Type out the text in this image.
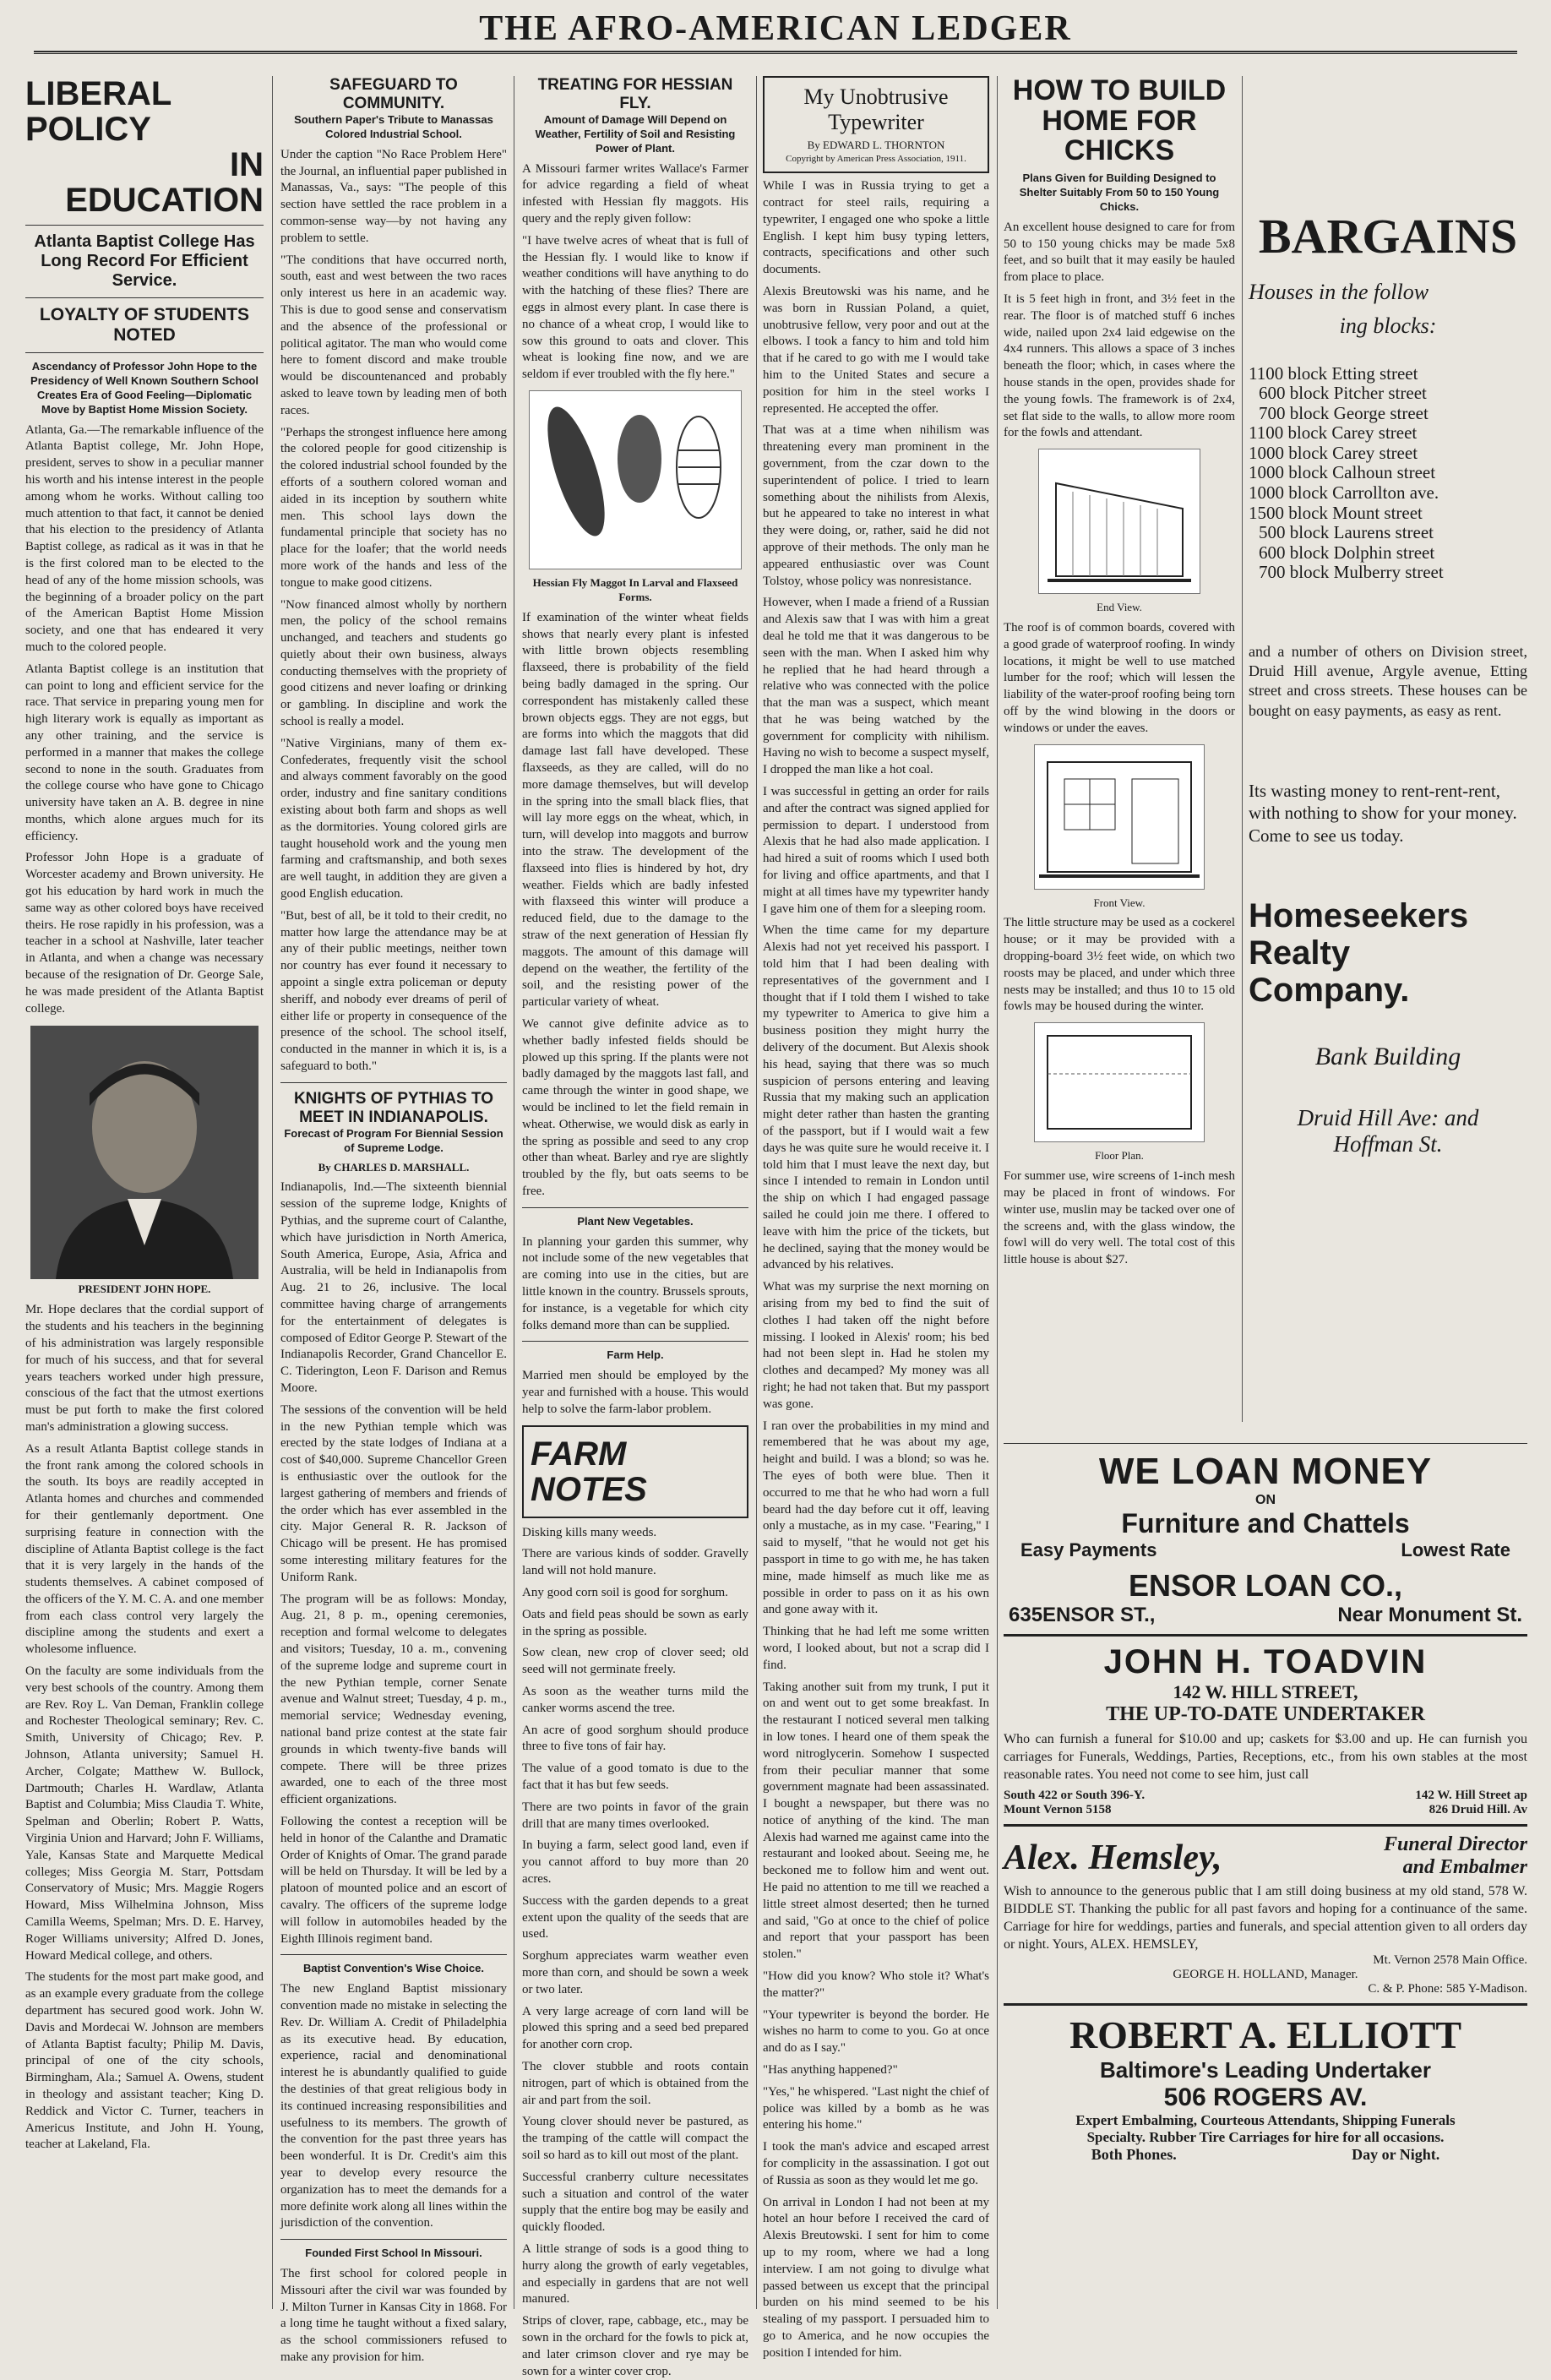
THE AFRO-AMERICAN LEDGER
LIBERAL POLICY
IN EDUCATION
Atlanta Baptist College Has Long Record For Efficient Service.
LOYALTY OF STUDENTS NOTED
Ascendancy of Professor John Hope to the Presidency of Well Known Southern School Creates Era of Good Feeling—Diplomatic Move by Baptist Home Mission Society.
Atlanta, Ga.—The remarkable influence of the Atlanta Baptist college, Mr. John Hope, president, serves to show in a peculiar manner his worth and his intense interest in the people among whom he works. Without calling too much attention to that fact, it cannot be denied that his election to the presidency of Atlanta Baptist college, as radical as it was in that he is the first colored man to be elected to the head of any of the home mission schools, was the beginning of a broader policy on the part of the American Baptist Home Mission society, and one that has endeared it very much to the colored people.
Atlanta Baptist college is an institution that can point to long and efficient service for the race. That service in preparing young men for high literary work is equally as important as any other training, and the service is performed in a manner that makes the college second to none in the south. Graduates from the college course who have gone to Chicago university have taken an A. B. degree in nine months, which alone argues much for its efficiency.
Professor John Hope is a graduate of Worcester academy and Brown university. He got his education by hard work in much the same way as other colored boys have received theirs. He rose rapidly in his profession, was a teacher in a school at Nashville, later teacher in Atlanta, and when a change was necessary because of the resignation of Dr. George Sale, he was made president of the Atlanta Baptist college.
PRESIDENT JOHN HOPE.
Mr. Hope declares that the cordial support of the students and his teachers in the beginning of his administration was largely responsible for much of his success, and that for several years teachers worked under high pressure, conscious of the fact that the utmost exertions must be put forth to make the first colored man's administration a glowing success.
As a result Atlanta Baptist college stands in the front rank among the colored schools in the south. Its boys are readily accepted in Atlanta homes and churches and commended for their gentlemanly deportment. One surprising feature in connection with the discipline of Atlanta Baptist college is the fact that it is very largely in the hands of the students themselves. A cabinet composed of the officers of the Y. M. C. A. and one member from each class control very largely the discipline among the students and exert a wholesome influence.
On the faculty are some individuals from the very best schools of the country. Among them are Rev. Roy L. Van Deman, Franklin college and Rochester Theological seminary; Rev. C. Smith, University of Chicago; Rev. P. Johnson, Atlanta university; Samuel H. Archer, Colgate; Matthew W. Bullock, Dartmouth; Charles H. Wardlaw, Atlanta Baptist and Columbia; Miss Claudia T. White, Spelman and Oberlin; Robert P. Watts, Virginia Union and Harvard; John F. Williams, Yale, Kansas State and Marquette Medical colleges; Miss Georgia M. Starr, Pottsdam Conservatory of Music; Mrs. Maggie Rogers Howard, Miss Wilhelmina Johnson, Miss Camilla Weems, Spelman; Mrs. D. E. Harvey, Roger Williams university; Alfred D. Jones, Howard Medical college, and others.
The students for the most part make good, and as an example every graduate from the college department has secured good work. John W. Davis and Mordecai W. Johnson are members of Atlanta Baptist faculty; Philip M. Davis, principal of one of the city schools, Birmingham, Ala.; Samuel A. Owens, student in theology and assistant teacher; King D. Reddick and Victor C. Turner, teachers in Americus Institute, and John H. Young, teacher at Lakeland, Fla.
SAFEGUARD TO COMMUNITY.
Southern Paper's Tribute to Manassas Colored Industrial School.
Under the caption "No Race Problem Here" the Journal, an influential paper published in Manassas, Va., says: "The people of this section have settled the race problem in a common-sense way—by not having any problem to settle.
"The conditions that have occurred north, south, east and west between the two races only interest us here in an academic way. This is due to good sense and conservatism and the absence of the professional or political agitator. The man who would come here to foment discord and make trouble would be discountenanced and probably asked to leave town by leading men of both races.
"Perhaps the strongest influence here among the colored people for good citizenship is the colored industrial school founded by the efforts of a southern colored woman and aided in its inception by southern white men. This school lays down the fundamental principle that society has no place for the loafer; that the world needs more work of the hands and less of the tongue to make good citizens.
"Now financed almost wholly by northern men, the policy of the school remains unchanged, and teachers and students go quietly about their own business, always conducting themselves with the propriety of good citizens and never loafing or drinking or gambling. In discipline and work the school is really a model.
"Native Virginians, many of them ex-Confederates, frequently visit the school and always comment favorably on the good order, industry and fine sanitary conditions existing about both farm and shops as well as the dormitories. Young colored girls are taught household work and the young men farming and craftsmanship, and both sexes are well taught, in addition they are given a good English education.
"But, best of all, be it told to their credit, no matter how large the attendance may be at any of their public meetings, neither town nor country has ever found it necessary to appoint a single extra policeman or deputy sheriff, and nobody ever dreams of peril of either life or property in consequence of the presence of the school. The school itself, conducted in the manner in which it is, is a safeguard to both."
KNIGHTS OF PYTHIAS TO MEET IN INDIANAPOLIS.
Forecast of Program For Biennial Session of Supreme Lodge.
By CHARLES D. MARSHALL.
Indianapolis, Ind.—The sixteenth biennial session of the supreme lodge, Knights of Pythias, and the supreme court of Calanthe, which have jurisdiction in North America, South America, Europe, Asia, Africa and Australia, will be held in Indianapolis from Aug. 21 to 26, inclusive. The local committee having charge of arrangements for the entertainment of delegates is composed of Editor George P. Stewart of the Indianapolis Recorder, Grand Chancellor E. C. Tiderington, Leon F. Darison and Remus Moore.
The sessions of the convention will be held in the new Pythian temple which was erected by the state lodges of Indiana at a cost of $40,000. Supreme Chancellor Green is enthusiastic over the outlook for the largest gathering of members and friends of the order which has ever assembled in the city. Major General R. R. Jackson of Chicago will be present. He has promised some interesting military features for the Uniform Rank.
The program will be as follows: Monday, Aug. 21, 8 p. m., opening ceremonies, reception and formal welcome to delegates and visitors; Tuesday, 10 a. m., convening of the supreme lodge and supreme court in the new Pythian temple, corner Senate avenue and Walnut street; Tuesday, 4 p. m., memorial service; Wednesday evening, national band prize contest at the state fair grounds in which twenty-five bands will compete. There will be three prizes awarded, one to each of the three most efficient organizations.
Following the contest a reception will be held in honor of the Calanthe and Dramatic Order of Knights of Omar. The grand parade will be held on Thursday. It will be led by a platoon of mounted police and an escort of cavalry. The officers of the supreme lodge will follow in automobiles headed by the Eighth Illinois regiment band.
Baptist Convention's Wise Choice.
The new England Baptist missionary convention made no mistake in selecting the Rev. Dr. William A. Credit of Philadelphia as its executive head. By education, experience, racial and denominational interest he is abundantly qualified to guide the destinies of that great religious body in its continued increasing responsibilities and usefulness to its members. The growth of the convention for the past three years has been wonderful. It is Dr. Credit's aim this year to develop every resource the organization has to meet the demands for a more definite work along all lines within the jurisdiction of the convention.
Founded First School In Missouri.
The first school for colored people in Missouri after the civil war was founded by J. Milton Turner in Kansas City in 1868. For a long time he taught without a fixed salary, as the school commissioners refused to make any provision for him.
TREATING FOR HESSIAN FLY.
Amount of Damage Will Depend on Weather, Fertility of Soil and Resisting Power of Plant.
A Missouri farmer writes Wallace's Farmer for advice regarding a field of wheat infested with Hessian fly maggots. His query and the reply given follow:
"I have twelve acres of wheat that is full of the Hessian fly. I would like to know if weather conditions will have anything to do with the hatching of these flies? There are eggs in almost every plant. In case there is no chance of a wheat crop, I would like to sow this ground to oats and clover. This wheat is looking fine now, and we are seldom if ever troubled with the fly here."
Hessian Fly Maggot In Larval and Flaxseed Forms.
If examination of the winter wheat fields shows that nearly every plant is infested with little brown objects resembling flaxseed, there is probability of the field being badly damaged in the spring. Our correspondent has mistakenly called these brown objects eggs. They are not eggs, but are forms into which the maggots that did damage last fall have developed. These flaxseeds, as they are called, will do no more damage themselves, but will develop in the spring into the small black flies, that will lay more eggs on the wheat, which, in turn, will develop into maggots and burrow into the straw. The development of the flaxseed into flies is hindered by hot, dry weather. Fields which are badly infested with flaxseed this winter will produce a reduced field, due to the damage to the straw of the next generation of Hessian fly maggots. The amount of this damage will depend on the weather, the fertility of the soil, and the resisting power of the particular variety of wheat.
We cannot give definite advice as to whether badly infested fields should be plowed up this spring. If the plants were not badly damaged by the maggots last fall, and came through the winter in good shape, we would be inclined to let the field remain in wheat. Otherwise, we would disk as early in the spring as possible and seed to any crop other than wheat. Barley and rye are slightly troubled by the fly, but oats seems to be free.
Plant New Vegetables.
In planning your garden this summer, why not include some of the new vegetables that are coming into use in the cities, but are little known in the country. Brussels sprouts, for instance, is a vegetable for which city folks demand more than can be supplied.
Farm Help.
Married men should be employed by the year and furnished with a house. This would help to solve the farm-labor problem.
FARM NOTES
Disking kills many weeds.
There are various kinds of sodder. Gravelly land will not hold manure.
Any good corn soil is good for sorghum.
Oats and field peas should be sown as early in the spring as possible.
Sow clean, new crop of clover seed; old seed will not germinate freely.
As soon as the weather turns mild the canker worms ascend the tree.
An acre of good sorghum should produce three to five tons of fair hay.
The value of a good tomato is due to the fact that it has but few seeds.
There are two points in favor of the grain drill that are many times overlooked.
In buying a farm, select good land, even if you cannot afford to buy more than 20 acres.
Success with the garden depends to a great extent upon the quality of the seeds that are used.
Sorghum appreciates warm weather even more than corn, and should be sown a week or two later.
A very large acreage of corn land will be plowed this spring and a seed bed prepared for another corn crop.
The clover stubble and roots contain nitrogen, part of which is obtained from the air and part from the soil.
Young clover should never be pastured, as the tramping of the cattle will compact the soil so hard as to kill out most of the plant.
Successful cranberry culture necessitates such a situation and control of the water supply that the entire bog may be easily and quickly flooded.
A little strange of sods is a good thing to hurry along the growth of early vegetables, and especially in gardens that are not well manured.
Strips of clover, rape, cabbage, etc., may be sown in the orchard for the fowls to pick at, and later crimson clover and rye may be sown for a winter cover crop.
My Unobtrusive Typewriter
By EDWARD L. THORNTON
Copyright by American Press Association, 1911.
While I was in Russia trying to get a contract for steel rails, requiring a typewriter, I engaged one who spoke a little English. I kept him busy typing letters, contracts, specifications and other such documents.
Alexis Breutowski was his name, and he was born in Russian Poland, a quiet, unobtrusive fellow, very poor and out at the elbows. I took a fancy to him and told him that if he cared to go with me I would take him to the United States and secure a position for him in the steel works I represented. He accepted the offer.
That was at a time when nihilism was threatening every man prominent in the government, from the czar down to the superintendent of police. I tried to learn something about the nihilists from Alexis, but he appeared to take no interest in what they were doing, or, rather, said he did not approve of their methods. The only man he appeared enthusiastic over was Count Tolstoy, whose policy was nonresistance.
However, when I made a friend of a Russian and Alexis saw that I was with him a great deal he told me that it was dangerous to be seen with the man. When I asked him why he replied that he had heard through a relative who was connected with the police that the man was a suspect, which meant that he was being watched by the government for complicity with nihilism. Having no wish to become a suspect myself, I dropped the man like a hot coal.
I was successful in getting an order for rails and after the contract was signed applied for permission to depart. I understood from Alexis that he had also made application. I had hired a suit of rooms which I used both for living and office apartments, and that I might at all times have my typewriter handy I gave him one of them for a sleeping room.
When the time came for my departure Alexis had not yet received his passport. I told him that I had been dealing with representatives of the government and I thought that if I told them I wished to take my typewriter to America to give him a business position they might hurry the delivery of the document. But Alexis shook his head, saying that there was so much suspicion of persons entering and leaving Russia that my making such an application might deter rather than hasten the granting of the passport, but if I would wait a few days he was quite sure he would receive it. I told him that I must leave the next day, but since I intended to remain in London until the ship on which I had engaged passage sailed he could join me there. I offered to leave with him the price of the tickets, but he declined, saying that the money would be advanced by his relatives.
What was my surprise the next morning on arising from my bed to find the suit of clothes I had taken off the night before missing. I looked in Alexis' room; his bed had not been slept in. Had he stolen my clothes and decamped? My money was all right; he had not taken that. But my passport was gone.
I ran over the probabilities in my mind and remembered that he was about my age, height and build. I was a blond; so was he. The eyes of both were blue. Then it occurred to me that he who had worn a full beard had the day before cut it off, leaving only a mustache, as in my case. "Fearing," I said to myself, "that he would not get his passport in time to go with me, he has taken mine, made himself as much like me as possible in order to pass on it as his own and gone away with it.
Thinking that he had left me some written word, I looked about, but not a scrap did I find.
Taking another suit from my trunk, I put it on and went out to get some breakfast. In the restaurant I noticed several men talking in low tones. I heard one of them speak the word nitroglycerin. Somehow I suspected from their peculiar manner that some government magnate had been assassinated. I bought a newspaper, but there was no notice of anything of the kind. The man Alexis had warned me against came into the restaurant and looked about. Seeing me, he beckoned me to follow him and went out. He paid no attention to me till we reached a little street almost deserted; then he turned and said, "Go at once to the chief of police and report that your passport has been stolen."
"How did you know? Who stole it? What's the matter?"
"Your typewriter is beyond the border. He wishes no harm to come to you. Go at once and do as I say."
"Has anything happened?"
"Yes," he whispered. "Last night the chief of police was killed by a bomb as he was entering his home."
I took the man's advice and escaped arrest for complicity in the assassination. I got out of Russia as soon as they would let me go.
On arrival in London I had not been at my hotel an hour before I received the card of Alexis Breutowski. I sent for him to come up to my room, where we had a long interview. I am not going to divulge what passed between us except that the principal burden on his mind seemed to be his stealing of my passport. I persuaded him to go to America, and he now occupies the position I intended for him.
HOW TO BUILD HOME FOR CHICKS
Plans Given for Building Designed to Shelter Suitably From 50 to 150 Young Chicks.
An excellent house designed to care for from 50 to 150 young chicks may be made 5x8 feet, and so built that it may easily be hauled from place to place.
It is 5 feet high in front, and 3½ feet in the rear. The floor is of matched stuff 6 inches wide, nailed upon 2x4 laid edgewise on the 4x4 runners. This allows a space of 3 inches beneath the floor; which, in cases where the house stands in the open, provides shade for the young fowls. The framework is of 2x4, set flat side to the walls, to allow more room for the fowls and attendant.
End View.
The roof is of common boards, covered with a good grade of waterproof roofing. In windy locations, it might be well to use matched lumber for the roof; which will lessen the liability of the water-proof roofing being torn off by the wind blowing in the doors or windows or under the eaves.
Front View.
The little structure may be used as a cockerel house; or it may be provided with a dropping-board 3½ feet wide, on which two roosts may be placed, and under which three nests may be installed; and thus 10 to 15 old fowls may be housed during the winter.
Floor Plan.
For summer use, wire screens of 1-inch mesh may be placed in front of windows. For winter use, muslin may be tacked over one of the screens and, with the glass window, the fowl will do very well. The total cost of this little house is about $27.
BARGAINS
Houses in the follow
ing blocks:
1100 block Etting street
600 block Pitcher street
700 block George street
1100 block Carey street
1000 block Carey street
1000 block Calhoun street
1000 block Carrollton ave.
1500 block Mount street
500 block Laurens street
600 block Dolphin street
700 block Mulberry street
and a number of others on Division street, Druid Hill avenue, Argyle avenue, Etting street and cross streets. These houses can be bought on easy payments, as easy as rent.
Its wasting money to rent-rent-rent, with nothing to show for your money. Come to see us today.
Homeseekers
Realty
Company.
Bank Building
Druid Hill Ave: and
Hoffman St.
WE LOAN MONEY
ON
Furniture and Chattels
Easy Payments	Lowest Rate
ENSOR LOAN CO.,
635ENSOR ST.,	Near Monument St.
JOHN H. TOADVIN
142 W. HILL STREET,
THE UP-TO-DATE UNDERTAKER
Who can furnish a funeral for $10.00 and up; caskets for $3.00 and up. He can furnish you carriages for Funerals, Weddings, Parties, Receptions, etc., from his own stables at the most reasonable rates. You need not come to see him, just call
South 422 or South 396-Y.	142 W. Hill Street ap
Mount Vernon 5158	826 Druid Hill. Av
Alex. Hemsley,	Funeral Director
and Embalmer
Wish to announce to the generous public that I am still doing business at my old stand, 578 W. BIDDLE ST. Thanking the public for all past favors and hoping for a continuance of the same. Carriage for hire for weddings, parties and funerals, and special attention given to all orders day or night. Yours, ALEX. HEMSLEY,
Mt. Vernon 2578 Main Office.
GEORGE H. HOLLAND, Manager.
C. & P. Phone: 585 Y-Madison.
ROBERT A. ELLIOTT
Baltimore's Leading Undertaker
506 ROGERS AV.
Expert Embalming, Courteous Attendants, Shipping Funerals
Specialty. Rubber Tire Carriages for hire for all occasions.
Both Phones.	Day or Night.
